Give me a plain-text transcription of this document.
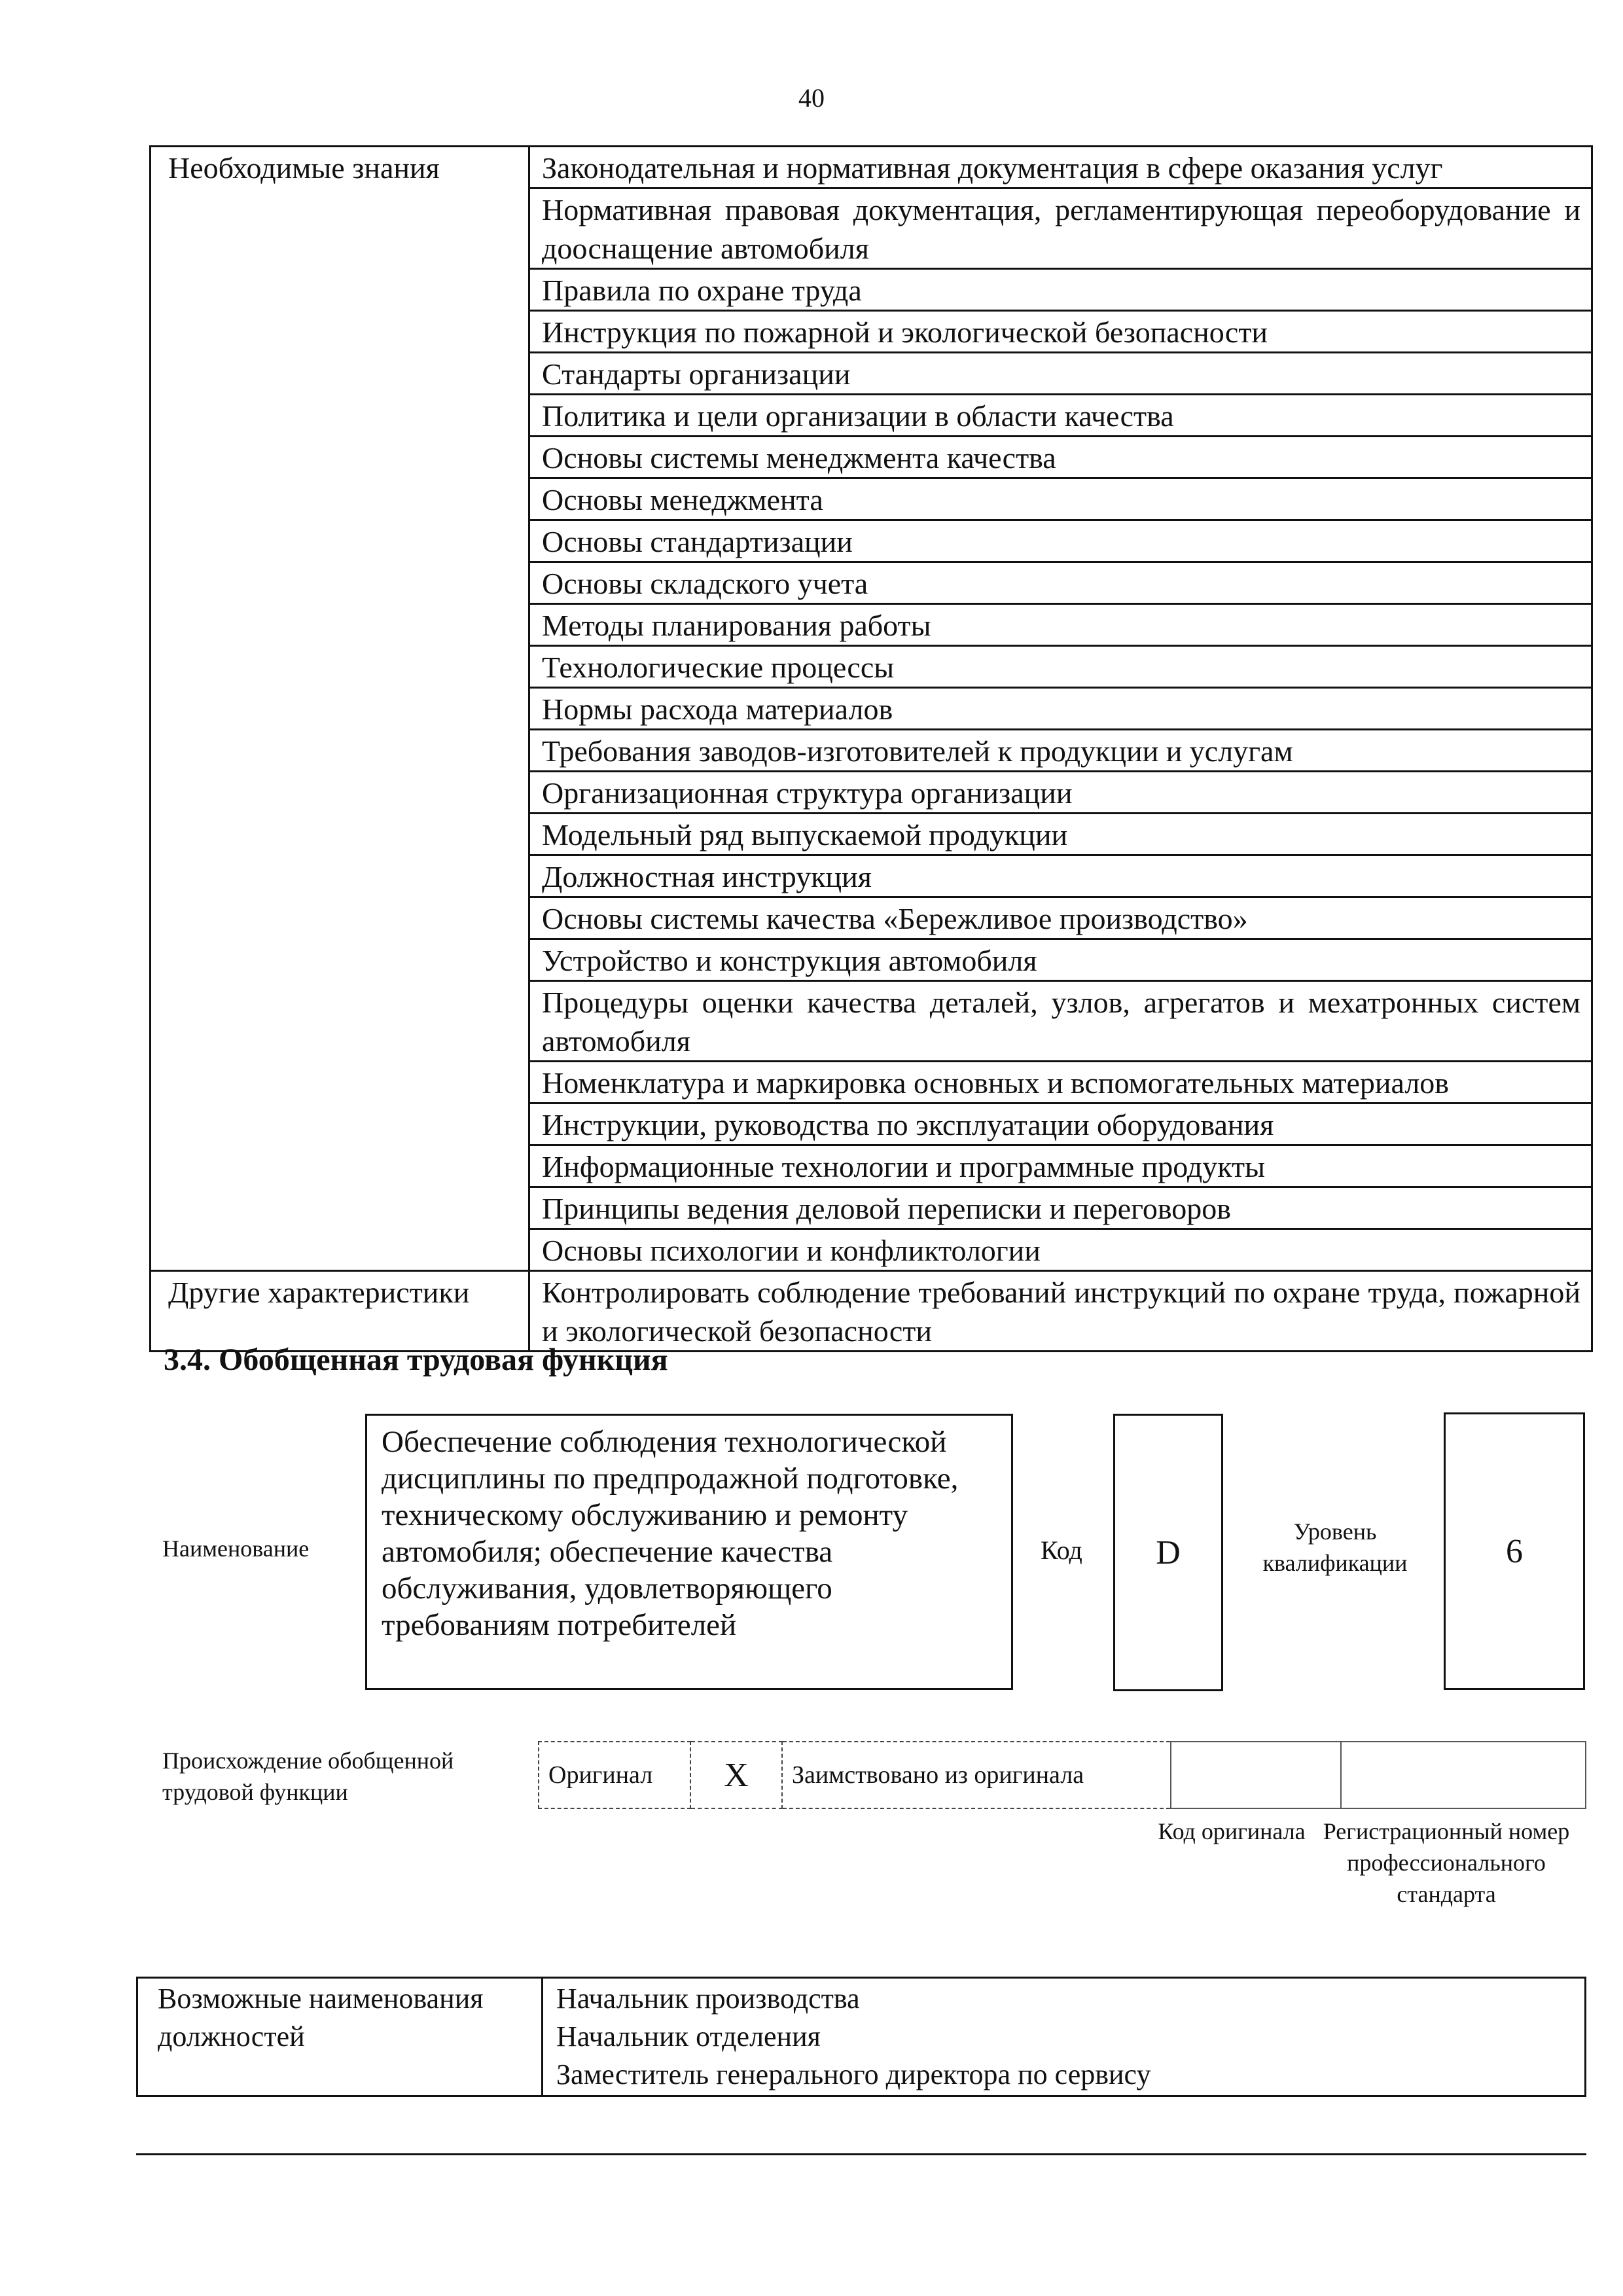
40
Необходимые знания	Законодательная и нормативная документация в сфере оказания услуг
	Нормативная правовая документация, регламентирующая переоборудование и дооснащение автомобиля
	Правила по охране труда
	Инструкция по пожарной и экологической безопасности
	Стандарты организации
	Политика и цели организации в области качества
	Основы системы менеджмента качества
	Основы менеджмента
	Основы стандартизации
	Основы складского учета
	Методы планирования работы
	Технологические процессы
	Нормы расхода материалов
	Требования заводов-изготовителей к продукции и услугам
	Организационная структура организации
	Модельный ряд выпускаемой продукции
	Должностная инструкция
	Основы системы качества «Бережливое производство»
	Устройство и конструкция автомобиля
	Процедуры оценки качества деталей, узлов, агрегатов и мехатронных систем автомобиля
	Номенклатура и маркировка основных и вспомогательных материалов
	Инструкции, руководства по эксплуатации оборудования
	Информационные технологии и программные продукты
	Принципы ведения деловой переписки и переговоров
	Основы психологии и конфликтологии
Другие характеристики	Контролировать соблюдение требований инструкций по охране труда, пожарной и экологической безопасности
3.4. Обобщенная трудовая функция
Наименование
Обеспечение соблюдения технологической дисциплины по предпродажной подготовке, техническому обслуживанию и ремонту автомобиля; обеспечение качества обслуживания, удовлетворяющего требованиям потребителей
Код	D
Уровень квалификации	6
Происхождение обобщенной трудовой функции
Оригинал	X	Заимствовано из оригинала		
Код оригинала Регистрационный номер профессионального стандарта
Возможные наименования должностей	
Начальник производства
Начальник отделения
Заместитель генерального директора по сервису
